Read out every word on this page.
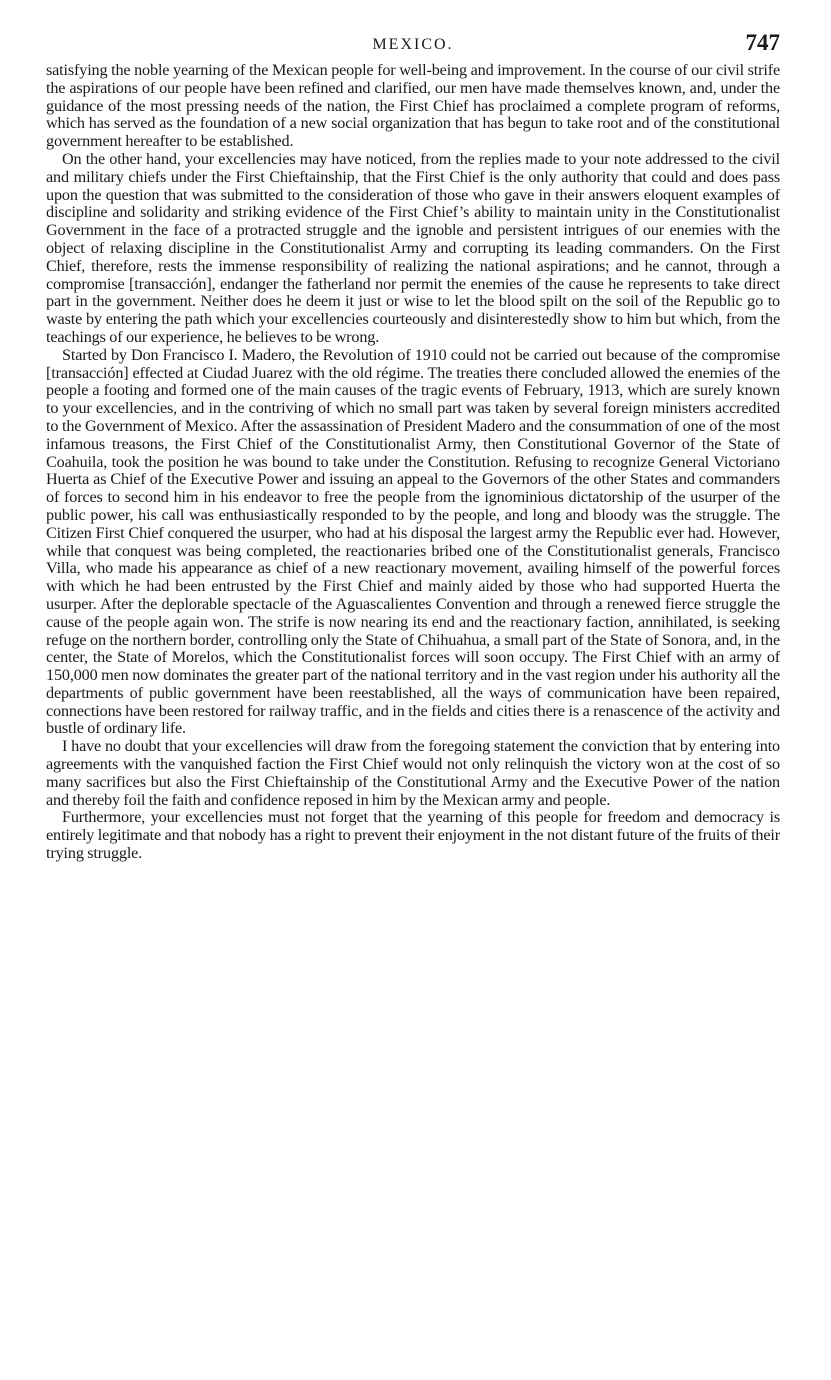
MEXICO.	747

satisfying the noble yearning of the Mexican people for well-being and improvement. In the course of our civil strife the aspirations of our people have been refined and clarified, our men have made themselves known, and, under the guidance of the most pressing needs of the nation, the First Chief has proclaimed a complete program of reforms, which has served as the foundation of a new social organization that has begun to take root and of the constitutional government hereafter to be established.

On the other hand, your excellencies may have noticed, from the replies made to your note addressed to the civil and military chiefs under the First Chieftainship, that the First Chief is the only authority that could and does pass upon the question that was submitted to the consideration of those who gave in their answers eloquent examples of discipline and solidarity and striking evidence of the First Chief’s ability to maintain unity in the Constitutionalist Government in the face of a protracted struggle and the ignoble and persistent intrigues of our enemies with the object of relaxing discipline in the Constitutionalist Army and corrupting its leading commanders. On the First Chief, therefore, rests the immense responsibility of realizing the national aspirations; and he cannot, through a compromise [transacción], endanger the fatherland nor permit the enemies of the cause he represents to take direct part in the government. Neither does he deem it just or wise to let the blood spilt on the soil of the Republic go to waste by entering the path which your excellencies courteously and disinterestedly show to him but which, from the teachings of our experience, he believes to be wrong.

Started by Don Francisco I. Madero, the Revolution of 1910 could not be carried out because of the compromise [transacción] effected at Ciudad Juarez with the old régime. The treaties there concluded allowed the enemies of the people a footing and formed one of the main causes of the tragic events of February, 1913, which are surely known to your excellencies, and in the contriving of which no small part was taken by several foreign ministers accredited to the Government of Mexico. After the assassination of President Madero and the consummation of one of the most infamous treasons, the First Chief of the Constitutionalist Army, then Constitutional Governor of the State of Coahuila, took the position he was bound to take under the Constitution. Refusing to recognize General Victoriano Huerta as Chief of the Executive Power and issuing an appeal to the Governors of the other States and commanders of forces to second him in his endeavor to free the people from the ignominious dictatorship of the usurper of the public power, his call was enthusiastically responded to by the people, and long and bloody was the struggle. The Citizen First Chief conquered the usurper, who had at his disposal the largest army the Republic ever had. However, while that conquest was being completed, the reactionaries bribed one of the Constitutionalist generals, Francisco Villa, who made his appearance as chief of a new reactionary movement, availing himself of the powerful forces with which he had been entrusted by the First Chief and mainly aided by those who had supported Huerta the usurper. After the deplorable spectacle of the Aguascalientes Convention and through a renewed fierce struggle the cause of the people again won. The strife is now nearing its end and the reactionary faction, annihilated, is seeking refuge on the northern border, controlling only the State of Chihuahua, a small part of the State of Sonora, and, in the center, the State of Morelos, which the Constitutionalist forces will soon occupy. The First Chief with an army of 150,000 men now dominates the greater part of the national territory and in the vast region under his authority all the departments of public government have been reestablished, all the ways of communication have been repaired, connections have been restored for railway traffic, and in the fields and cities there is a renascence of the activity and bustle of ordinary life.

I have no doubt that your excellencies will draw from the foregoing statement the conviction that by entering into agreements with the vanquished faction the First Chief would not only relinquish the victory won at the cost of so many sacrifices but also the First Chieftainship of the Constitutional Army and the Executive Power of the nation and thereby foil the faith and confidence reposed in him by the Mexican army and people.

Furthermore, your excellencies must not forget that the yearning of this people for freedom and democracy is entirely legitimate and that nobody has a right to prevent their enjoyment in the not distant future of the fruits of their trying struggle.
